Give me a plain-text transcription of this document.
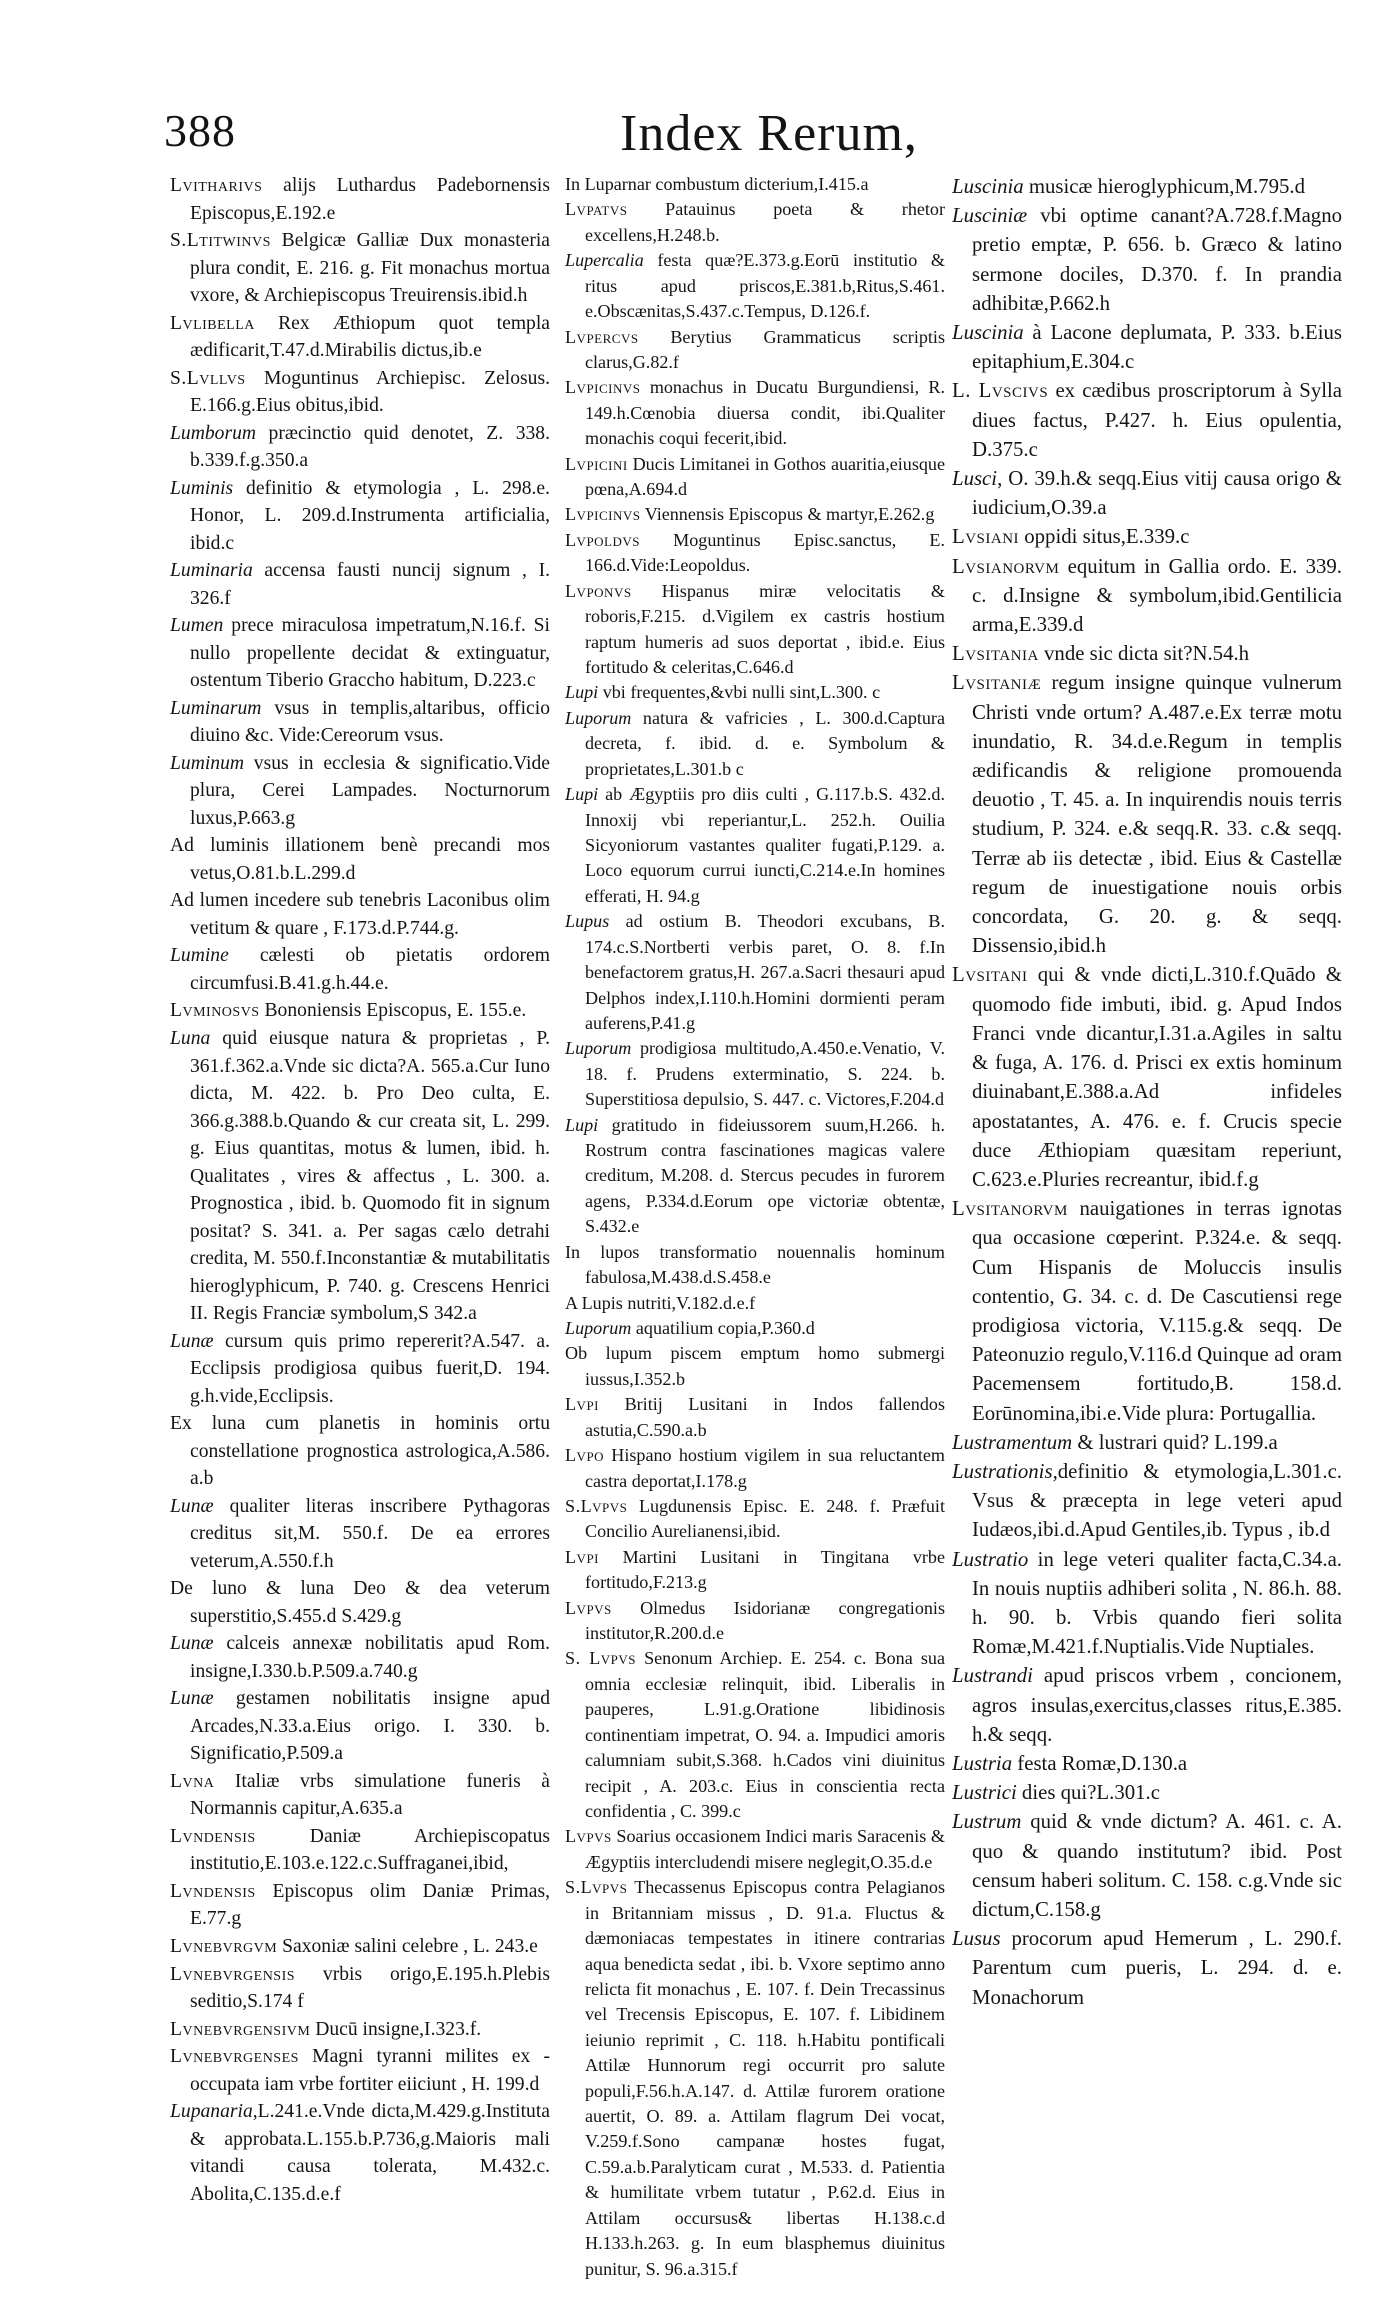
388	Index Rerum,
Lvitharivs alijs Luthardus Padebornensis Episcopus,E.192.e
S.Ltitwinvs Belgicæ Galliæ Dux monasteria plura condit, E. 216. g. Fit monachus mortua vxore, & Archiepiscopus Treuirensis.ibid.h
Lvlibella Rex Æthiopum quot templa ædificarit,T.47.d.Mirabilis dictus,ib.e
S.Lvllvs Moguntinus Archiepisc. Zelosus. E.166.g.Eius obitus,ibid.
Lumborum præcinctio quid denotet, Z. 338. b.339.f.g.350.a
Luminis definitio & etymologia , L. 298.e. Honor, L. 209.d.Instrumenta artificialia, ibid.c
Luminaria accensa fausti nuncij signum , I. 326.f
Lumen prece miraculosa impetratum,N.16.f. Si nullo propellente decidat & extinguatur, ostentum Tiberio Graccho habitum, D.223.c
Luminarum vsus in templis,altaribus, officio diuino &c. Vide:Cereorum vsus.
Luminum vsus in ecclesia & significatio.Vide plura, Cerei Lampades. Nocturnorum luxus,P.663.g
Ad luminis illationem benè precandi mos vetus,O.81.b.L.299.d
Ad lumen incedere sub tenebris Laconibus olim vetitum & quare , F.173.d.P.744.g.
Lumine cælesti ob pietatis ordorem circumfusi.B.41.g.h.44.e.
Lvminosvs Bononiensis Episcopus, E. 155.e.
Luna quid eiusque natura & proprietas , P. 361.f.362.a.Vnde sic dicta?A. 565.a.Cur Iuno dicta, M. 422. b. Pro Deo culta, E. 366.g.388.b.Quando & cur creata sit, L. 299. g. Eius quantitas, motus & lumen, ibid. h. Qualitates , vires & affectus , L. 300. a. Prognostica , ibid. b. Quomodo fit in signum positat? S. 341. a. Per sagas cælo detrahi credita, M. 550.f.Inconstantiæ & mutabilitatis hieroglyphicum, P. 740. g. Crescens Henrici II. Regis Franciæ symbolum,S 342.a
Lunæ cursum quis primo repererit?A.547. a. Ecclipsis prodigiosa quibus fuerit,D. 194. g.h.vide,Ecclipsis.
Ex luna cum planetis in hominis ortu constellatione prognostica astrologica,A.586. a.b
Lunæ qualiter literas inscribere Pythagoras creditus sit,M. 550.f. De ea errores veterum,A.550.f.h
De luno & luna Deo & dea veterum superstitio,S.455.d S.429.g
Lunæ calceis annexæ nobilitatis apud Rom. insigne,I.330.b.P.509.a.740.g
Lunæ gestamen nobilitatis insigne apud Arcades,N.33.a.Eius origo. I. 330. b. Significatio,P.509.a
Lvna Italiæ vrbs simulatione funeris à Normannis capitur,A.635.a
Lvndensis Daniæ Archiepiscopatus institutio,E.103.e.122.c.Suffraganei,ibid,
Lvndensis Episcopus olim Daniæ Primas, E.77.g
Lvnebvrgvm Saxoniæ salini celebre , L. 243.e
Lvnebvrgensis vrbis origo,E.195.h.Plebis seditio,S.174 f
Lvnebvrgensivm Ducū insigne,I.323.f.
Lvnebvrgenses Magni tyranni milites ex - occupata iam vrbe fortiter eiiciunt , H. 199.d
Lupanaria,L.241.e.Vnde dicta,M.429.g.Instituta & approbata.L.155.b.P.736,g.Maioris mali vitandi causa tolerata, M.432.c. Abolita,C.135.d.e.f
In Luparnar combustum dicterium,I.415.a
Lvpatvs Patauinus poeta & rhetor excellens,H.248.b.
Lupercalia festa quæ?E.373.g.Eorū institutio & ritus apud priscos,E.381.b,Ritus,S.461. e.Obscænitas,S.437.c.Tempus, D.126.f.
Lvpercvs Berytius Grammaticus scriptis clarus,G.82.f
Lvpicinvs monachus in Ducatu Burgundiensi, R. 149.h.Cœnobia diuersa condit, ibi.Qualiter monachis coqui fecerit,ibid.
Lvpicini Ducis Limitanei in Gothos auaritia,eiusque pœna,A.694.d
Lvpicinvs Viennensis Episcopus & martyr,E.262.g
Lvpoldvs Moguntinus Episc.sanctus, E. 166.d.Vide:Leopoldus.
Lvponvs Hispanus miræ velocitatis & roboris,F.215. d.Vigilem ex castris hostium raptum humeris ad suos deportat , ibid.e. Eius fortitudo & celeritas,C.646.d
Lupi vbi frequentes,&vbi nulli sint,L.300. c
Luporum natura & vafricies , L. 300.d.Captura decreta, f. ibid. d. e. Symbolum & proprietates,L.301.b c
Lupi ab Ægyptiis pro diis culti , G.117.b.S. 432.d. Innoxij vbi reperiantur,L. 252.h. Ouilia Sicyoniorum vastantes qualiter fugati,P.129. a. Loco equorum currui iuncti,C.214.e.In homines efferati, H. 94.g
Lupus ad ostium B. Theodori excubans, B. 174.c.S.Nortberti verbis paret, O. 8. f.In benefactorem gratus,H. 267.a.Sacri thesauri apud Delphos index,I.110.h.Homini dormienti peram auferens,P.41.g
Luporum prodigiosa multitudo,A.450.e.Venatio, V. 18. f. Prudens exterminatio, S. 224. b. Superstitiosa depulsio, S. 447. c. Victores,F.204.d
Lupi gratitudo in fideiussorem suum,H.266. h. Rostrum contra fascinationes magicas valere creditum, M.208. d. Stercus pecudes in furorem agens, P.334.d.Eorum ope victoriæ obtentæ, S.432.e
In lupos transformatio nouennalis hominum fabulosa,M.438.d.S.458.e
A Lupis nutriti,V.182.d.e.f
Luporum aquatilium copia,P.360.d
Ob lupum piscem emptum homo submergi iussus,I.352.b
Lvpi Britij Lusitani in Indos fallendos astutia,C.590.a.b
Lvpo Hispano hostium vigilem in sua reluctantem castra deportat,I.178.g
S.Lvpvs Lugdunensis Episc. E. 248. f. Præfuit Concilio Aurelianensi,ibid.
Lvpi Martini Lusitani in Tingitana vrbe fortitudo,F.213.g
Lvpvs Olmedus Isidorianæ congregationis institutor,R.200.d.e
S. Lvpvs Senonum Archiep. E. 254. c. Bona sua omnia ecclesiæ relinquit, ibid. Liberalis in pauperes, L.91.g.Oratione libidinosis continentiam impetrat, O. 94. a. Impudici amoris calumniam subit,S.368. h.Cados vini diuinitus recipit , A. 203.c. Eius in conscientia recta confidentia , C. 399.c
Lvpvs Soarius occasionem Indici maris Saracenis & Ægyptiis intercludendi misere neglegit,O.35.d.e
S.Lvpvs Thecassenus Episcopus contra Pelagianos in Britanniam missus , D. 91.a. Fluctus & dæmoniacas tempestates in itinere contrarias aqua benedicta sedat , ibi. b. Vxore septimo anno relicta fit monachus , E. 107. f. Dein Trecassinus vel Trecensis Episcopus, E. 107. f. Libidinem ieiunio reprimit , C. 118. h.Habitu pontificali Attilæ Hunnorum regi occurrit pro salute populi,F.56.h.A.147. d. Attilæ furorem oratione auertit, O. 89. a. Attilam flagrum Dei vocat, V.259.f.Sono campanæ hostes fugat, C.59.a.b.Paralyticam curat , M.533. d. Patientia & humilitate vrbem tutatur , P.62.d. Eius in Attilam occursus& libertas H.138.c.d H.133.h.263. g. In eum blasphemus diuinitus punitur, S. 96.a.315.f
Luscinia musicæ hieroglyphicum,M.795.d
Lusciniæ vbi optime canant?A.728.f.Magno pretio emptæ, P. 656. b. Græco & latino sermone dociles, D.370. f. In prandia adhibitæ,P.662.h
Luscinia à Lacone deplumata, P. 333. b.Eius epitaphium,E.304.c
L. Lvscivs ex cædibus proscriptorum à Sylla diues factus, P.427. h. Eius opulentia, D.375.c
Lusci, O. 39.h.& seqq.Eius vitij causa origo & iudicium,O.39.a
Lvsiani oppidi situs,E.339.c
Lvsianorvm equitum in Gallia ordo. E. 339. c. d.Insigne & symbolum,ibid.Gentilicia arma,E.339.d
Lvsitania vnde sic dicta sit?N.54.h
Lvsitaniæ regum insigne quinque vulnerum Christi vnde ortum? A.487.e.Ex terræ motu inundatio, R. 34.d.e.Regum in templis ædificandis & religione promouenda deuotio , T. 45. a. In inquirendis nouis terris studium, P. 324. e.& seqq.R. 33. c.& seqq. Terræ ab iis detectæ , ibid. Eius & Castellæ regum de inuestigatione nouis orbis concordata, G. 20. g. & seqq. Dissensio,ibid.h
Lvsitani qui & vnde dicti,L.310.f.Quādo & quomodo fide imbuti, ibid. g. Apud Indos Franci vnde dicantur,I.31.a.Agiles in saltu & fuga, A. 176. d. Prisci ex extis hominum diuinabant,E.388.a.Ad infideles apostatantes, A. 476. e. f. Crucis specie duce Æthiopiam quæsitam reperiunt, C.623.e.Pluries recreantur, ibid.f.g
Lvsitanorvm nauigationes in terras ignotas qua occasione cœperint. P.324.e. & seqq. Cum Hispanis de Moluccis insulis contentio, G. 34. c. d. De Cascutiensi rege prodigiosa victoria, V.115.g.& seqq. De Pateonuzio regulo,V.116.d Quinque ad oram Pacemensem fortitudo,B. 158.d. Eorūnomina,ibi.e.Vide plura: Portugallia.
Lustramentum & lustrari quid? L.199.a
Lustrationis,definitio & etymologia,L.301.c. Vsus & præcepta in lege veteri apud Iudæos,ibi.d.Apud Gentiles,ib. Typus , ib.d
Lustratio in lege veteri qualiter facta,C.34.a. In nouis nuptiis adhiberi solita , N. 86.h. 88. h. 90. b. Vrbis quando fieri solita Romæ,M.421.f.Nuptialis.Vide Nuptiales.
Lustrandi apud priscos vrbem , concionem, agros insulas,exercitus,classes ritus,E.385. h.& seqq.
Lustria festa Romæ,D.130.a
Lustrici dies qui?L.301.c
Lustrum quid & vnde dictum? A. 461. c. A. quo & quando institutum? ibid. Post censum haberi solitum. C. 158. c.g.Vnde sic dictum,C.158.g
Lusus procorum apud Hemerum , L. 290.f. Parentum cum pueris, L. 294. d. e. Monachorum
